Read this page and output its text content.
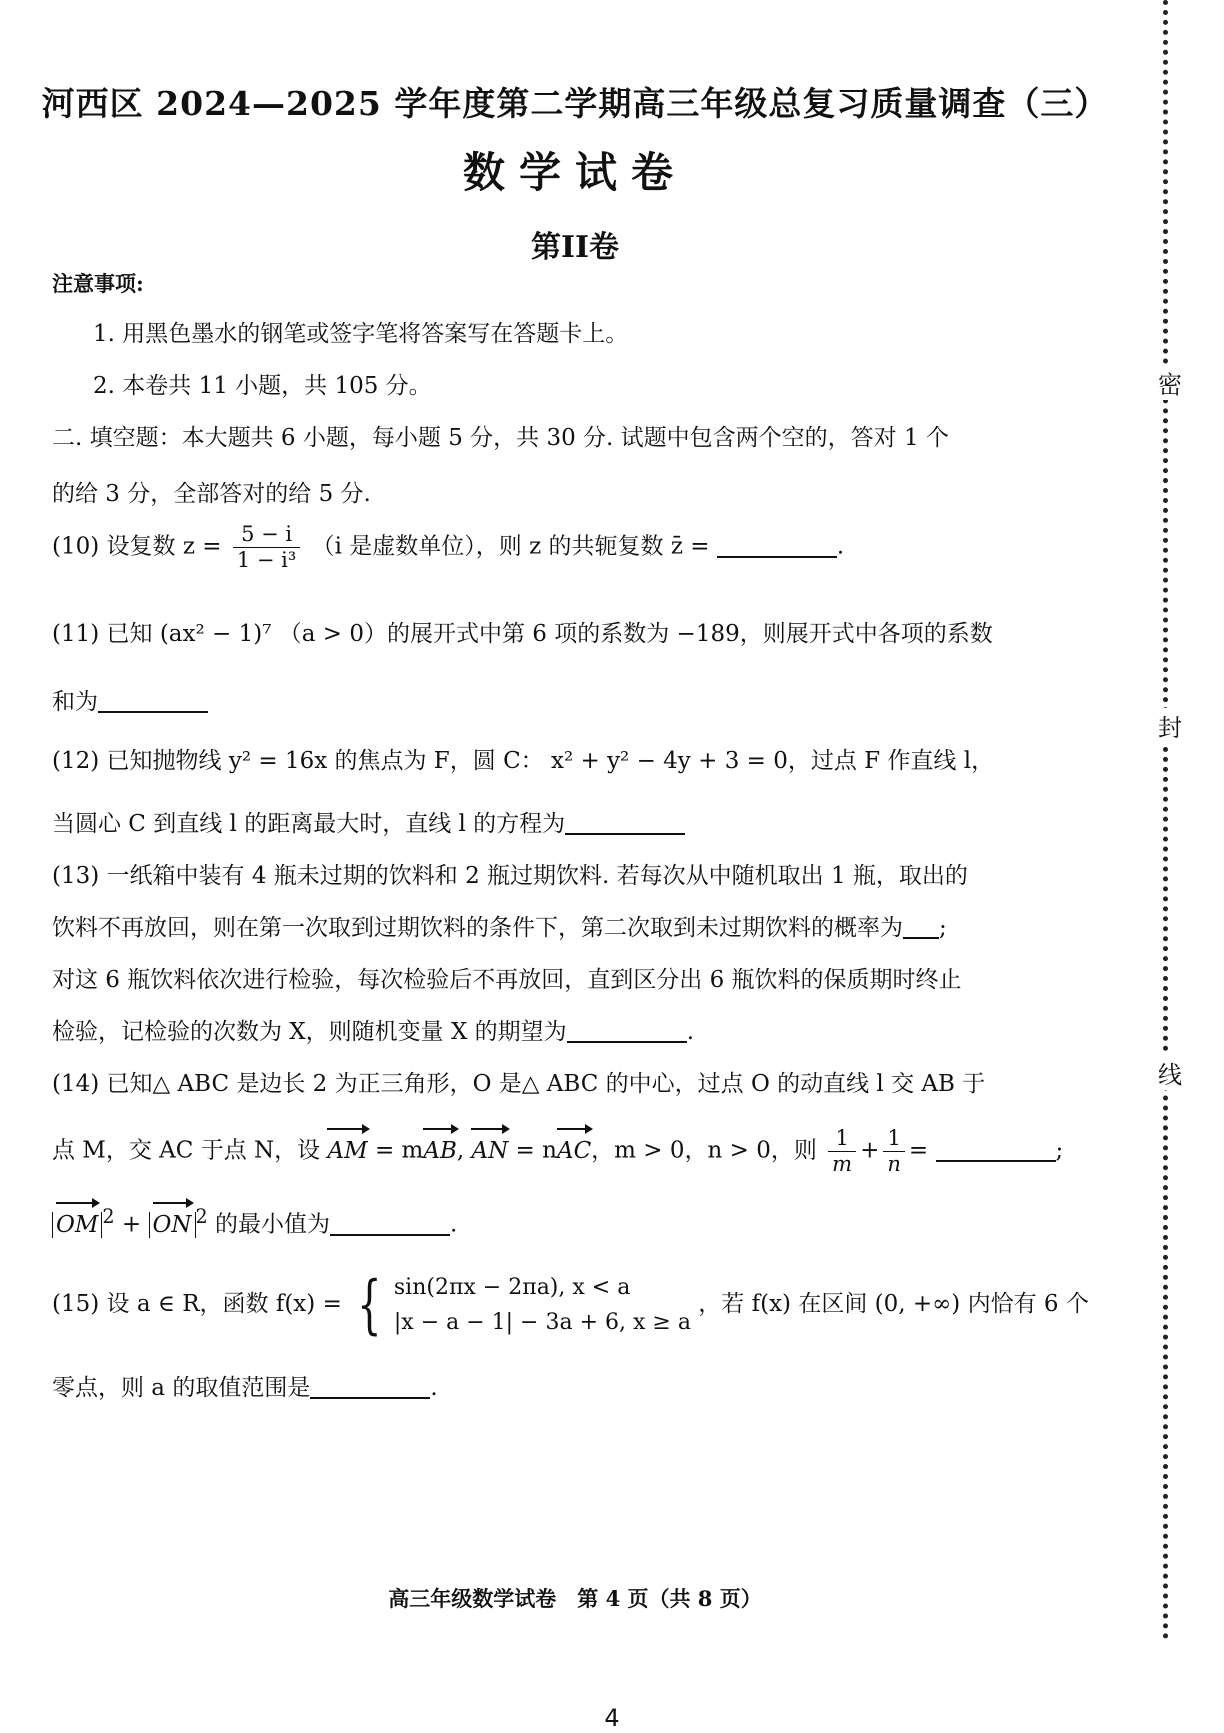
密
封
线
河西区 2024—2025 学年度第二学期高三年级总复习质量调查（三）
数学试卷
第II卷
注意事项:
1. 用黑色墨水的钢笔或签字笔将答案写在答题卡上。
2. 本卷共 11 小题，共 105 分。
二. 填空题：本大题共 6 小题，每小题 5 分，共 30 分. 试题中包含两个空的，答对 1 个
的给 3 分，全部答对的给 5 分.
(10) 设复数 $z = \frac{5 - i}{\text{1 − i³}} (i$ 是虚数单位），则 z 的共轭复数 z̄ =	.
(11) 已知 (ax² − 1)⁷ （a > 0）的展开式中第 6 项的系数为 −189，则展开式中各项的系数
和为
(12) 已知抛物线 y² = 16x 的焦点为 F，圆 C： x² + y² − 4y + 3 = 0，过点 F 作直线 l，
当圆心 C 到直线 l 的距离最大时，直线 l 的方程为
(13) 一纸箱中装有 4 瓶未过期的饮料和 2 瓶过期饮料. 若每次从中随机取出 1 瓶，取出的
饮料不再放回，则在第一次取到过期饮料的条件下，第二次取到未过期饮料的概率为 ;
对这 6 瓶饮料依次进行检验，每次检验后不再放回，直到区分出 6 瓶饮料的保质期时终止
检验，记检验的次数为 X，则随机变量 X 的期望为	.
(14) 已知△ ABC 是边长 2 为正三角形，O 是△ ABC 的中心，过点 O 的动直线 l 交 AB 于
点 M，交 AC 于点 N，设 AM = m
AB,
AN = n
AC，m > 0，n > 0，则 $\frac{1}{m} + \frac{1}{n}$ =	;
OM $^2$ +
ON $^2$ 的最小值为	.
(15) 设 a ∈ R，函数 f(x) = { sin(2πx − 2πa), x < a
|x − a − 1| − 3a + 6, x ≥ a
，若 f(x) 在区间 (0, +∞) 内恰有 6 个
零点，则 a 的取值范围是	.
高三年级数学试卷　第 4 页（共 8 页）
4
